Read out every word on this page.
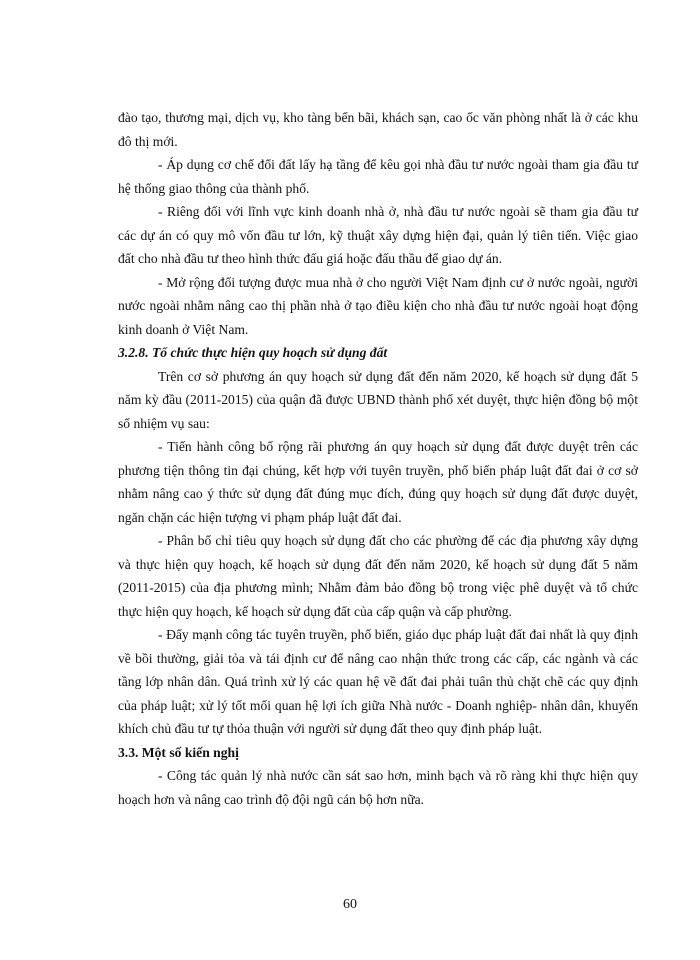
đào tạo, thương mại, dịch vụ, kho tàng bến bãi, khách sạn, cao ốc văn phòng nhất là ở các khu đô thị mới.

- Áp dụng cơ chế đổi đất lấy hạ tầng để kêu gọi nhà đầu tư nước ngoài tham gia đầu tư hệ thống giao thông của thành phố.

- Riêng đối với lĩnh vực kinh doanh nhà ở, nhà đầu tư nước ngoài sẽ tham gia đầu tư các dự án có quy mô vốn đầu tư lớn, kỹ thuật xây dựng hiện đại, quản lý tiên tiến. Việc giao đất cho nhà đầu tư theo hình thức đấu giá hoặc đấu thầu để giao dự án.

- Mở rộng đối tượng được mua nhà ở cho người Việt Nam định cư ở nước ngoài, người nước ngoài nhằm nâng cao thị phần nhà ở tạo điều kiện cho nhà đầu tư nước ngoài hoạt động kinh doanh ở Việt Nam.

3.2.8. Tổ chức thực hiện quy hoạch sử dụng đất

Trên cơ sở phương án quy hoạch sử dụng đất đến năm 2020, kế hoạch sử dụng đất 5 năm kỳ đầu (2011-2015) của quận đã được UBND thành phố xét duyệt, thực hiện đồng bộ một số nhiệm vụ sau:

- Tiến hành công bố rộng rãi phương án quy hoạch sử dụng đất được duyệt trên các phương tiện thông tin đại chúng, kết hợp với tuyên truyền, phổ biến pháp luật đất đai ở cơ sở nhằm nâng cao ý thức sử dụng đất đúng mục đích, đúng quy hoạch sử dụng đất được duyệt, ngăn chặn các hiện tượng vi phạm pháp luật đất đai.

- Phân bổ chỉ tiêu quy hoạch sử dụng đất cho các phường để các địa phương xây dựng và thực hiện quy hoạch, kế hoạch sử dụng đất đến năm 2020, kế hoạch sử dụng đất 5 năm (2011-2015) của địa phương mình; Nhằm đảm bảo đồng bộ trong việc phê duyệt và tổ chức thực hiện quy hoạch, kế hoạch sử dụng đất của cấp quận và cấp phường.

- Đẩy mạnh công tác tuyên truyền, phổ biến, giáo dục pháp luật đất đai nhất là quy định về bồi thường, giải tỏa và tái định cư để nâng cao nhận thức trong các cấp, các ngành và các tầng lớp nhân dân. Quá trình xử lý các quan hệ về đất đai phải tuân thủ chặt chẽ các quy định của pháp luật; xử lý tốt mối quan hệ lợi ích giữa Nhà nước - Doanh nghiệp- nhân dân, khuyến khích chủ đầu tư tự thỏa thuận với người sử dụng đất theo quy định pháp luật.

3.3. Một số kiến nghị

- Công tác quản lý nhà nước cần sát sao hơn, minh bạch và rõ ràng khi thực hiện quy hoạch hơn và nâng cao trình độ đội ngũ cán bộ hơn nữa.

60
